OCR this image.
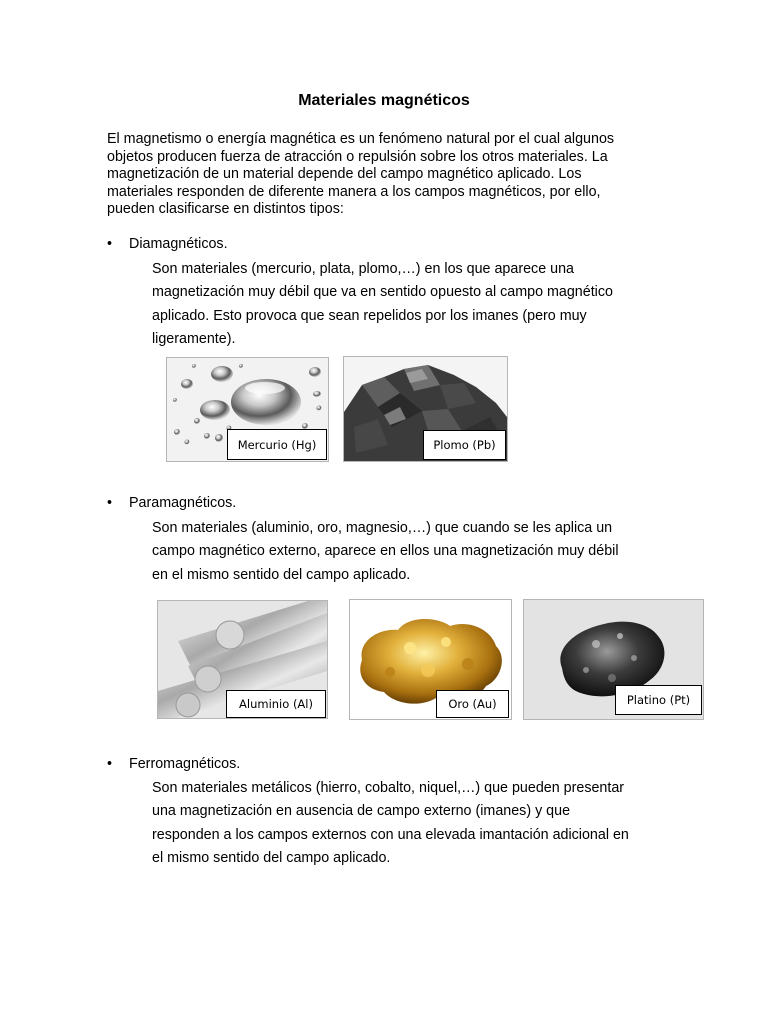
Materiales magnéticos
El magnetismo o energía magnética es un fenómeno natural por el cual algunos
objetos producen fuerza de atracción o repulsión sobre los otros materiales. La
magnetización de un material depende del campo magnético aplicado. Los
materiales responden de diferente manera a los campos magnéticos, por ello,
pueden clasificarse en distintos tipos:
• Diamagnéticos.
Son materiales (mercurio, plata, plomo,…) en los que aparece una
magnetización muy débil que va en sentido opuesto al campo magnético
aplicado. Esto provoca que sean repelidos por los imanes (pero muy
ligeramente).
Mercurio (Hg)	Plomo (Pb)
• Paramagnéticos.
Son materiales (aluminio, oro, magnesio,…) que cuando se les aplica un
campo magnético externo, aparece en ellos una magnetización muy débil
en el mismo sentido del campo aplicado.
Aluminio (Al)	Oro (Au)	Platino (Pt)
• Ferromagnéticos.
Son materiales metálicos (hierro, cobalto, niquel,…) que pueden presentar
una magnetización en ausencia de campo externo (imanes) y que
responden a los campos externos con una elevada imantación adicional en
el mismo sentido del campo aplicado.
